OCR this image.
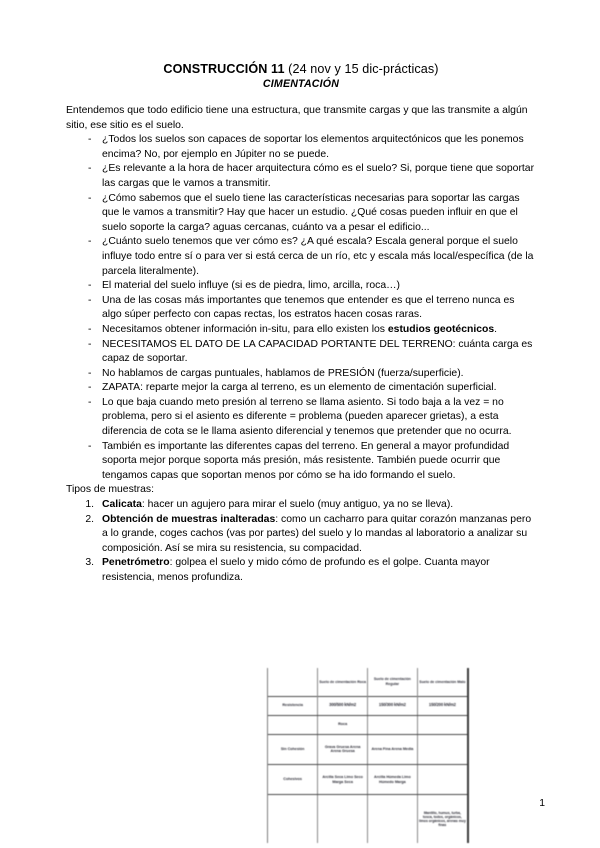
CONSTRUCCIÓN 11 (24 nov y 15 dic-prácticas)
CIMENTACIÓN

Entendemos que todo edificio tiene una estructura, que transmite cargas y que las transmite a algún sitio, ese sitio es el suelo.

- ¿Todos los suelos son capaces de soportar los elementos arquitectónicos que les ponemos encima? No, por ejemplo en Júpiter no se puede.
- ¿Es relevante a la hora de hacer arquitectura cómo es el suelo? Si, porque tiene que soportar las cargas que le vamos a transmitir.
- ¿Cómo sabemos que el suelo tiene las características necesarias para soportar las cargas que le vamos a transmitir? Hay que hacer un estudio. ¿Qué cosas pueden influir en que el suelo soporte la carga? aguas cercanas, cuánto va a pesar el edificio...
- ¿Cuánto suelo tenemos que ver cómo es? ¿A qué escala? Escala general porque el suelo influye todo entre sí o para ver si está cerca de un río, etc y escala más local/específica (de la parcela literalmente).
- El material del suelo influye (si es de piedra, limo, arcilla, roca…)
- Una de las cosas más importantes que tenemos que entender es que el terreno nunca es algo súper perfecto con capas rectas, los estratos hacen cosas raras.
- Necesitamos obtener información in-situ, para ello existen los estudios geotécnicos.
- NECESITAMOS EL DATO DE LA CAPACIDAD PORTANTE DEL TERRENO: cuánta carga es capaz de soportar.
- No hablamos de cargas puntuales, hablamos de PRESIÓN (fuerza/superficie).
- ZAPATA: reparte mejor la carga al terreno, es un elemento de cimentación superficial.
- Lo que baja cuando meto presión al terreno se llama asiento. Si todo baja a la vez = no problema, pero si el asiento es diferente = problema (pueden aparecer grietas), a esta diferencia de cota se le llama asiento diferencial y tenemos que pretender que no ocurra.
- También es importante las diferentes capas del terreno. En general a mayor profundidad soporta mejor porque soporta más presión, más resistente. También puede ocurrir que tengamos capas que soportan menos por cómo se ha ido formando el suelo.
Tipos de muestras:
Calicata: hacer un agujero para mirar el suelo (muy antiguo, ya no se lleva).
Obtención de muestras inalteradas: como un cacharro para quitar corazón manzanas pero a lo grande, coges cachos (vas por partes) del suelo y lo mandas al laboratorio a analizar su composición. Así se mira su resistencia, su compacidad.
Penetrómetro: golpea el suelo y mido cómo de profundo es el golpe. Cuanta mayor resistencia, menos profundiza.
	Suelo de cimentación Roca	Suelo de cimentación Regular	Suelo de cimentación Malo
Resistencia	300/500 kN/m2	150/300 kN/m2	150/200 kN/m2
	Roca		
Sin Cohesión	Grava Gruesa Arena Arena Gruesa	Arena Fina Arena Media	
Cohesivos	Arcilla Seca Limo Seco Marga Seca	Arcilla Húmeda Limo Húmedo Marga	
			Mantillo, humus, turba, tosca, todos, orgánicos, limos orgánicos, arenas muy finas
1
